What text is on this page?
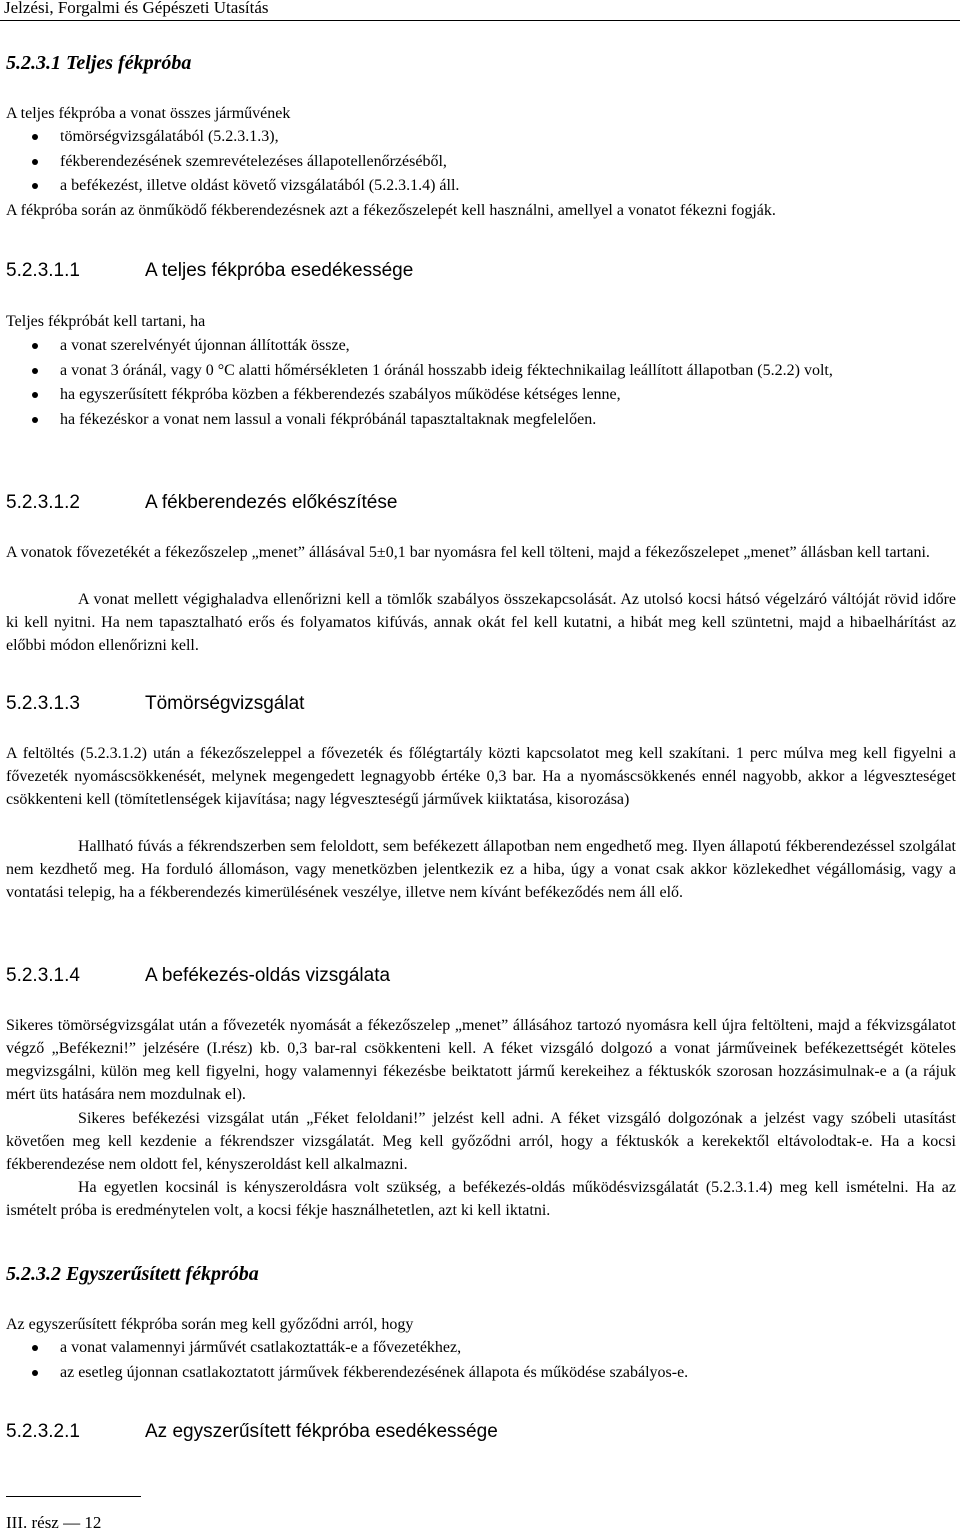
Jelzési, Forgalmi és Gépészeti Utasítás
5.2.3.1 Teljes fékpróba
A teljes fékpróba a vonat összes járművének
tömörségvizsgálatából (5.2.3.1.3),
fékberendezésének szemrevételezéses állapotellenőrzéséből,
a befékezést, illetve oldást követő vizsgálatából (5.2.3.1.4) áll.
A fékpróba során az önműködő fékberendezésnek azt a fékezőszelepét kell használni, amellyel a vonatot fékezni fogják.
5.2.3.1.1	A teljes fékpróba esedékessége
Teljes fékpróbát kell tartani, ha
a vonat szerelvényét újonnan állították össze,
a vonat 3 óránál, vagy 0 °C alatti hőmérsékleten 1 óránál hosszabb ideig féktechnikailag leállított állapotban (5.2.2) volt,
ha egyszerűsített fékpróba közben a fékberendezés szabályos működése kétséges lenne,
ha fékezéskor a vonat nem lassul a vonali fékpróbánál tapasztaltaknak megfelelően.
5.2.3.1.2	A fékberendezés előkészítése
A vonatok fővezetékét a fékezőszelep „menet” állásával 5±0,1 bar nyomásra fel kell tölteni, majd a fékezőszelepet „menet” állásban kell tartani.
A vonat mellett végighaladva ellenőrizni kell a tömlők szabályos összekapcsolását. Az utolsó kocsi hátsó végelzáró váltóját rövid időre ki kell nyitni. Ha nem tapasztalható erős és folyamatos kifúvás, annak okát fel kell kutatni, a hibát meg kell szüntetni, majd a hibaelhárítást az előbbi módon ellenőrizni kell.
5.2.3.1.3	Tömörségvizsgálat
A feltöltés (5.2.3.1.2) után a fékezőszeleppel a fővezeték és főlégtartály közti kapcsolatot meg kell szakítani. 1 perc múlva meg kell figyelni a fővezeték nyomáscsökkenését, melynek megengedett legnagyobb értéke 0,3 bar. Ha a nyomáscsökkenés ennél nagyobb, akkor a légveszteséget csökkenteni kell (tömítetlenségek kijavítása; nagy légveszteségű járművek kiiktatása, kisorozása)
Hallható fúvás a fékrendszerben sem feloldott, sem befékezett állapotban nem engedhető meg. Ilyen állapotú fékberendezéssel szolgálat nem kezdhető meg. Ha forduló állomáson, vagy menetközben jelentkezik ez a hiba, úgy a vonat csak akkor közlekedhet végállomásig, vagy a vontatási telepig, ha a fékberendezés kimerülésének veszélye, illetve nem kívánt befékeződés nem áll elő.
5.2.3.1.4	A befékezés-oldás vizsgálata
Sikeres tömörségvizsgálat után a fővezeték nyomását a fékezőszelep „menet” állásához tartozó nyomásra kell újra feltölteni, majd a fékvizsgálatot végző „Befékezni!” jelzésére (I.rész) kb. 0,3 bar-ral csökkenteni kell. A féket vizsgáló dolgozó a vonat járműveinek befékezettségét köteles megvizsgálni, külön meg kell figyelni, hogy valamennyi fékezésbe beiktatott jármű kerekeihez a féktuskók szorosan hozzásimulnak-e a (a rájuk mért üts hatására nem mozdulnak el).
Sikeres befékezési vizsgálat után „Féket feloldani!” jelzést kell adni. A féket vizsgáló dolgozónak a jelzést vagy szóbeli utasítást követően meg kell kezdenie a fékrendszer vizsgálatát. Meg kell győződni arról, hogy a féktuskók a kerekektől eltávolodtak-e. Ha a kocsi fékberendezése nem oldott fel, kényszeroldást kell alkalmazni.
Ha egyetlen kocsinál is kényszeroldásra volt szükség, a befékezés-oldás működésvizsgálatát (5.2.3.1.4) meg kell ismételni. Ha az ismételt próba is eredménytelen volt, a kocsi fékje használhetetlen, azt ki kell iktatni.
5.2.3.2 Egyszerűsített fékpróba
Az egyszerűsített fékpróba során meg kell győződni arról, hogy
a vonat valamennyi járművét csatlakoztatták-e a fővezetékhez,
az esetleg újonnan csatlakoztatott járművek fékberendezésének állapota és működése szabályos-e.
5.2.3.2.1	Az egyszerűsített fékpróba esedékessége
III. rész — 12
